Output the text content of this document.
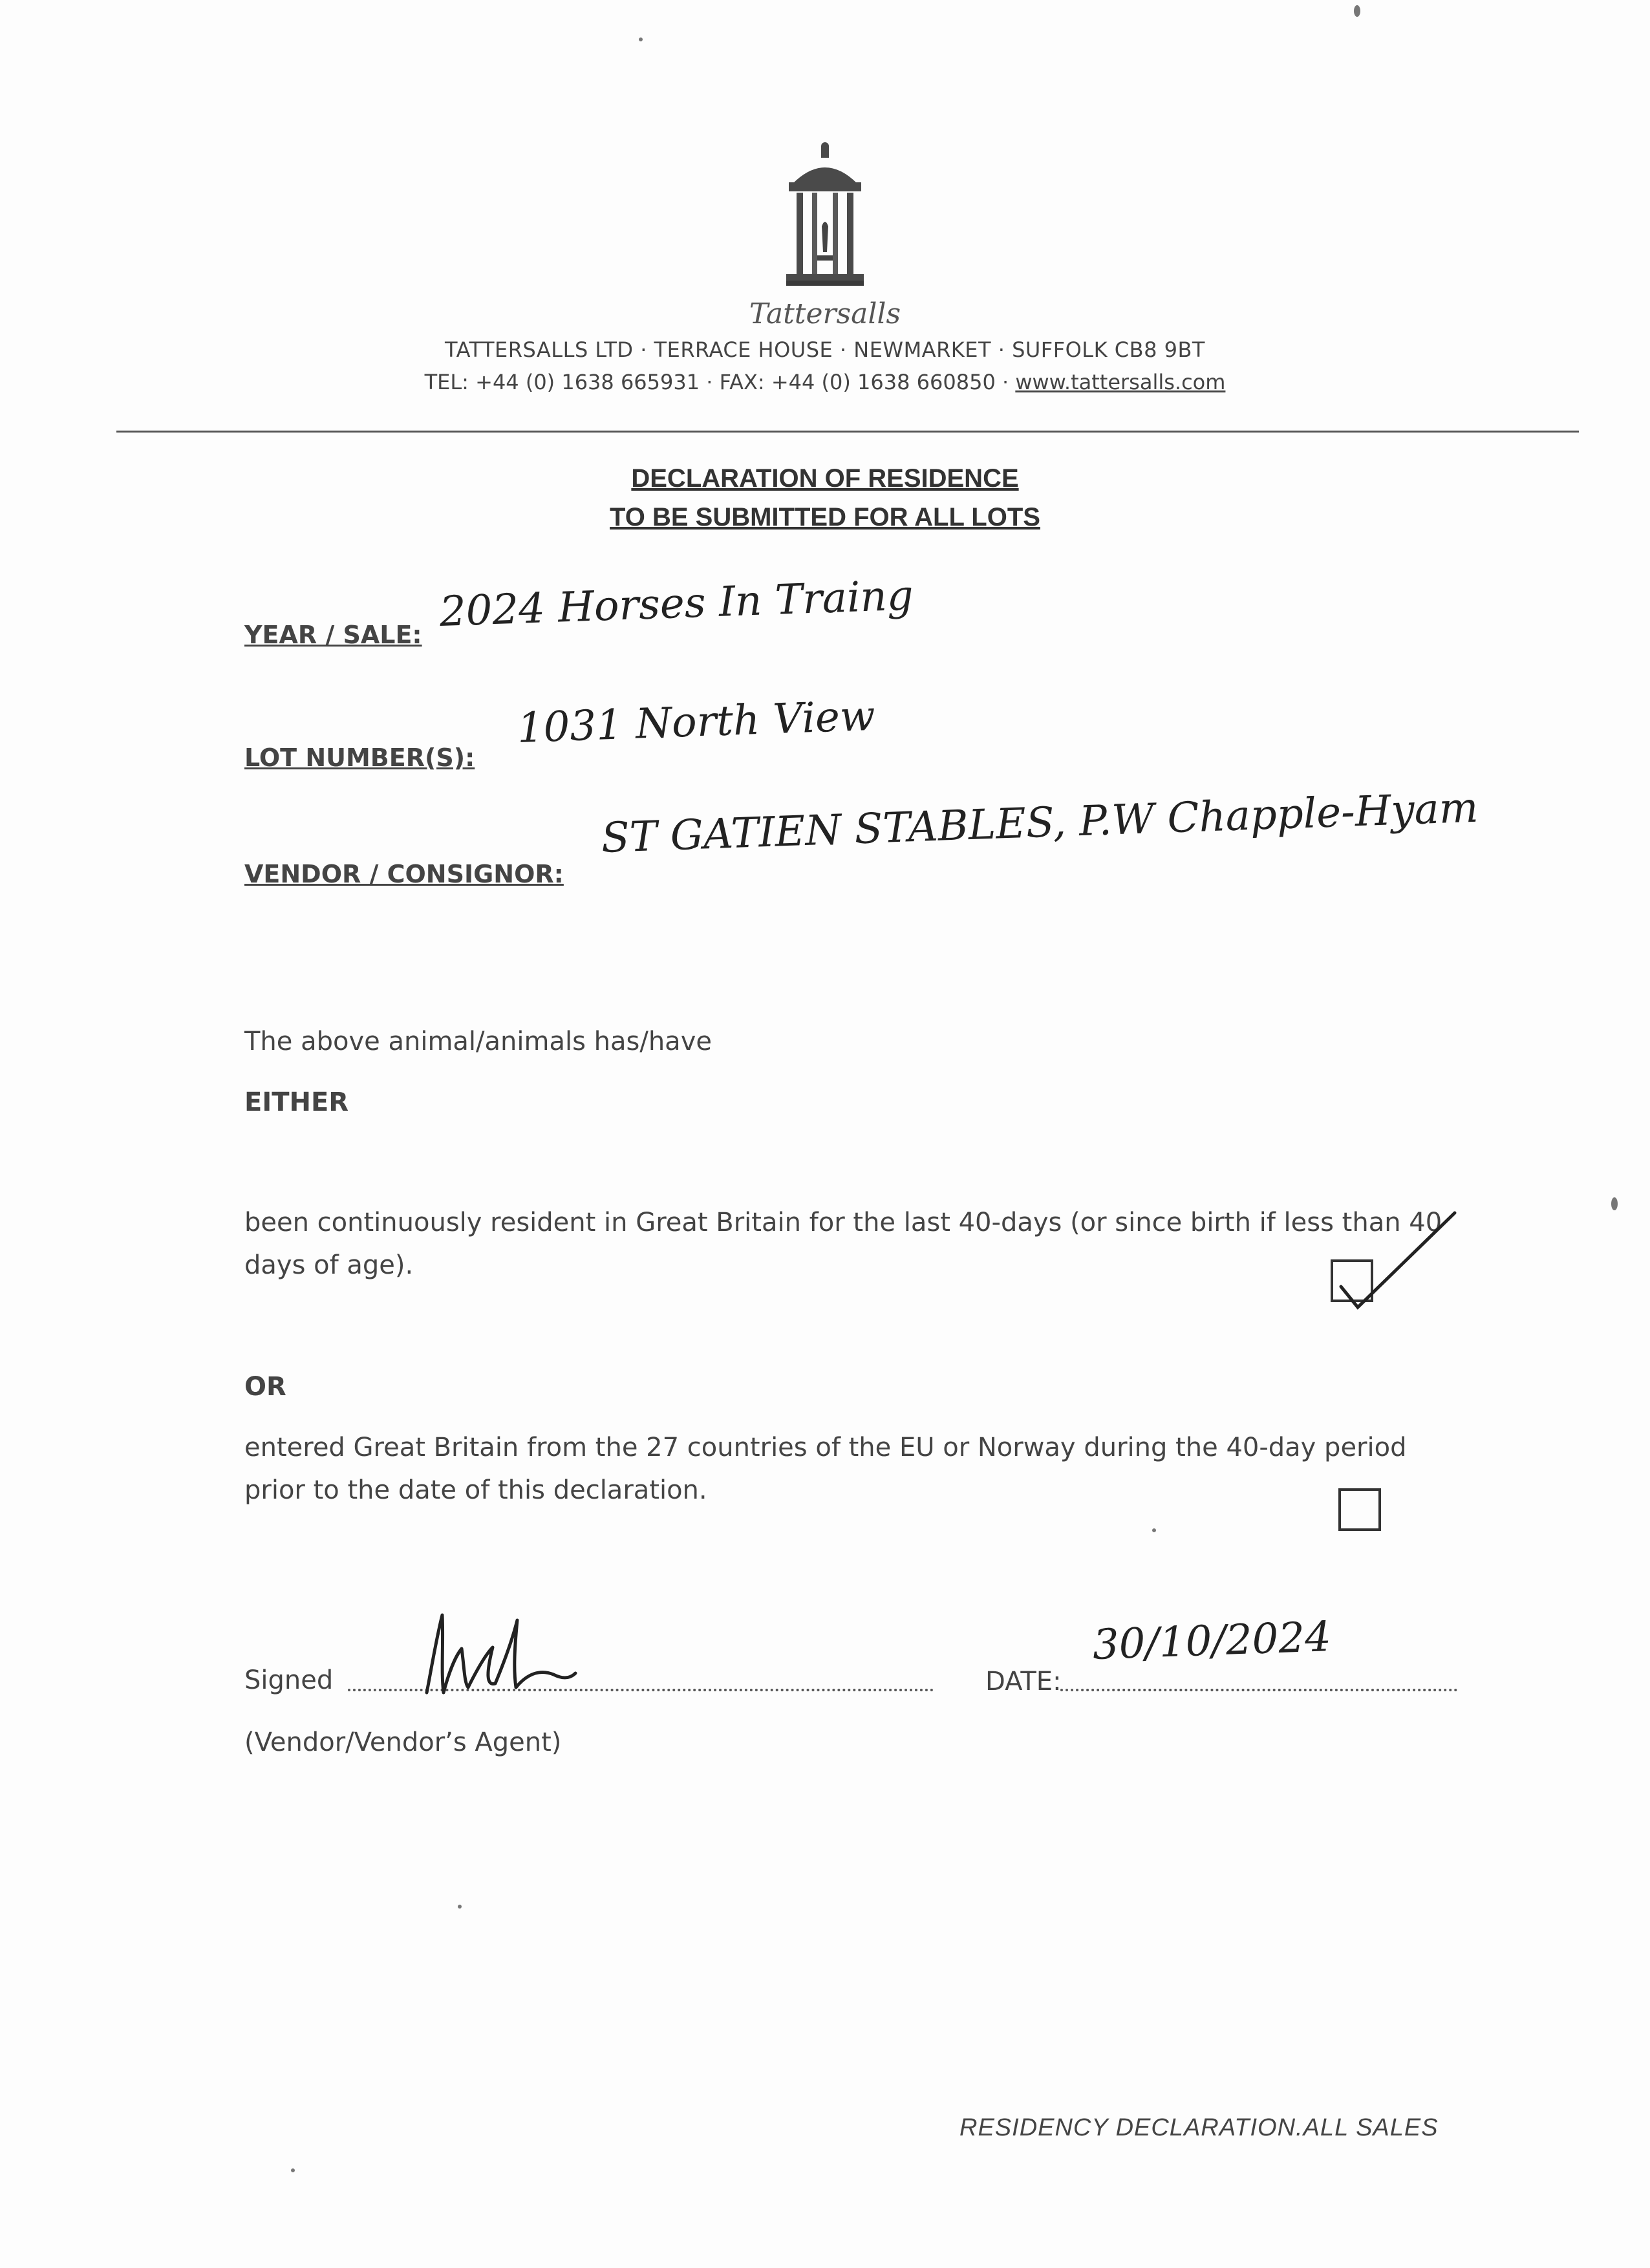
Tattersalls
TATTERSALLS LTD · TERRACE HOUSE · NEWMARKET · SUFFOLK CB8 9BT
TEL: +44 (0) 1638 665931 · FAX: +44 (0) 1638 660850 · www.tattersalls.com
DECLARATION OF RESIDENCE
TO BE SUBMITTED FOR ALL LOTS
YEAR / SALE: 2024 Horses In Traing
LOT NUMBER(S):
1031 North View
VENDOR / CONSIGNOR:
ST GATIEN STABLES, P.W Chapple-Hyam
The above animal/animals has/have
EITHER
been continuously resident in Great Britain for the last 40-days (or since birth if less than 40 days of age).
OR
entered Great Britain from the 27 countries of the EU or Norway during the 40-day period prior to the date of this declaration.
Signed	DATE:
30/10/2024
(Vendor/Vendor’s Agent)
RESIDENCY DECLARATION.ALL SALES
